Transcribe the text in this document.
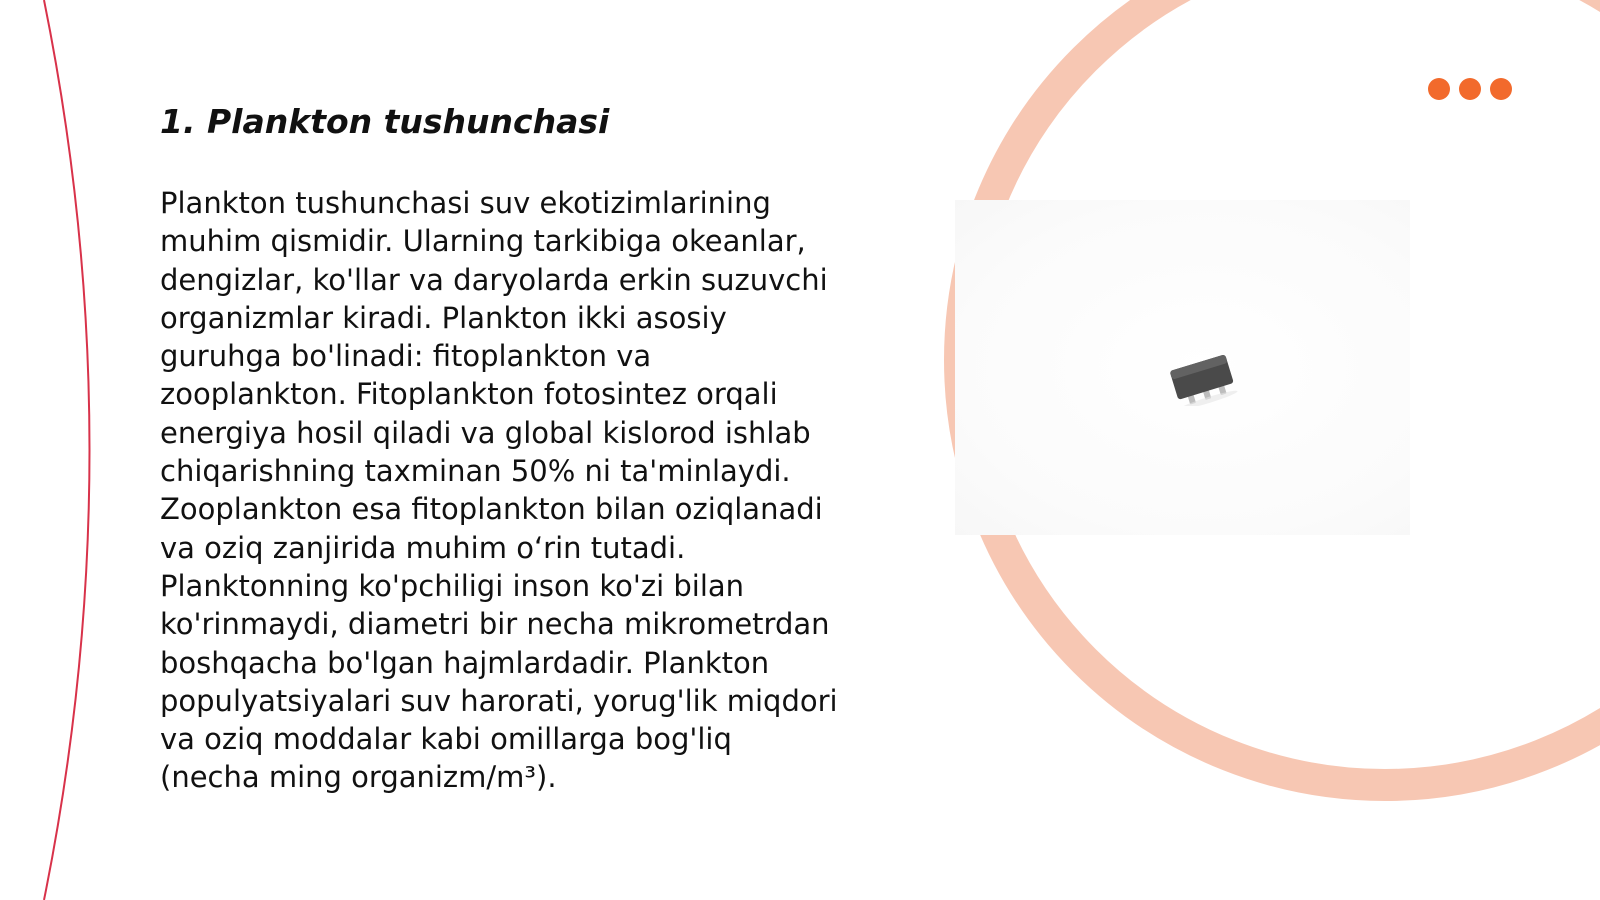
1. Plankton tushunchasi

Plankton tushunchasi suv ekotizimlarining muhim qismidir. Ularning tarkibiga okeanlar, dengizlar, ko'llar va daryolarda erkin suzuvchi organizmlar kiradi. Plankton ikki asosiy guruhga bo'linadi: fitoplankton va zooplankton. Fitoplankton fotosintez orqali energiya hosil qiladi va global kislorod ishlab chiqarishning taxminan 50% ni ta'minlaydi. Zooplankton esa fitoplankton bilan oziqlanadi va oziq zanjirida muhim oʻrin tutadi. Planktonning ko'pchiligi inson ko'zi bilan ko'rinmaydi, diametri bir necha mikrometrdan boshqacha bo'lgan hajmlardadir. Plankton populyatsiyalari suv harorati, yorug'lik miqdori va oziq moddalar kabi omillarga bog'liq (necha ming organizm/m³).
